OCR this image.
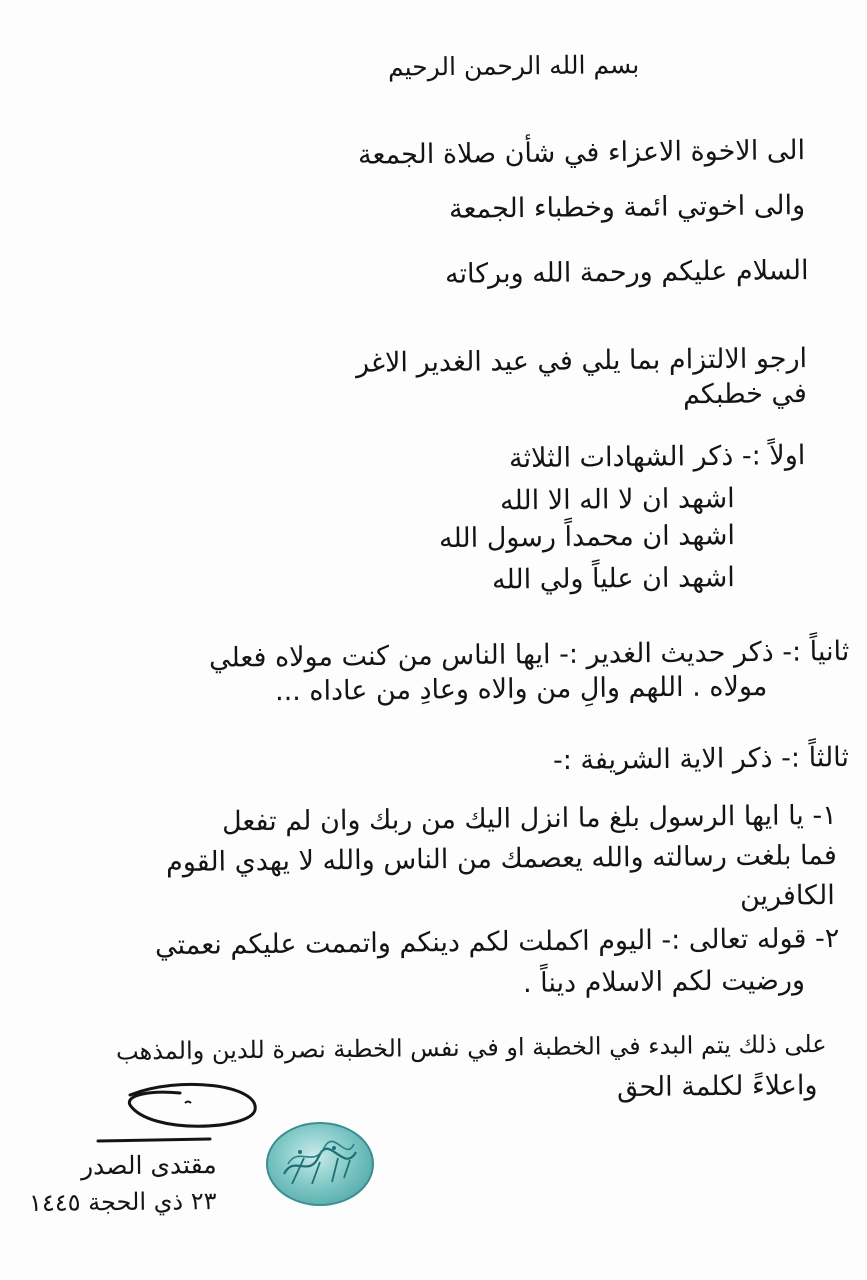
بسم الله الرحمن الرحيم
الى الاخوة الاعزاء في شأن صلاة الجمعة
والى اخوتي ائمة وخطباء الجمعة
السلام عليكم ورحمة الله وبركاته
ارجو الالتزام بما يلي في عيد الغدير الاغر
في خطبكم
اولاً :- ذكر الشهادات الثلاثة
اشهد ان لا اله الا الله
اشهد ان محمداً رسول الله
اشهد ان علياً ولي الله
ثانياً :- ذكر حديث الغدير :- ايها الناس من كنت مولاه فعلي
مولاه . اللهم والِ من والاه وعادِ من عاداه ...
ثالثاً :- ذكر الاية الشريفة :-
١- يا ايها الرسول بلغ ما انزل اليك من ربك وان لم تفعل
فما بلغت رسالته والله يعصمك من الناس والله لا يهدي القوم
الكافرين
٢- قوله تعالى :- اليوم اكملت لكم دينكم واتممت عليكم نعمتي
ورضيت لكم الاسلام ديناً .
على ذلك يتم البدء في الخطبة او في نفس الخطبة نصرة للدين والمذهب
واعلاءً لكلمة الحق
مقتدى الصدر
٢٣ ذي الحجة ١٤٤٥
